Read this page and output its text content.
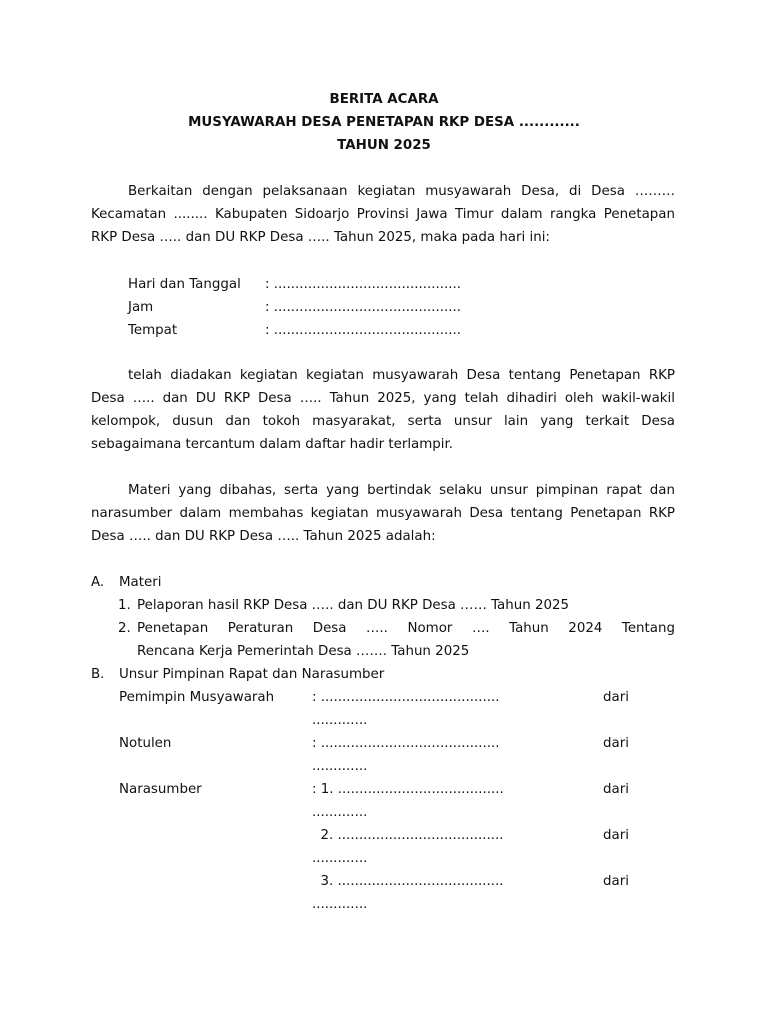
BERITA ACARA

MUSYAWARAH DESA PENETAPAN RKP DESA ............

TAHUN 2025

Berkaitan dengan pelaksanaan kegiatan musyawarah Desa, di Desa ……… Kecamatan ........ Kabupaten Sidoarjo Provinsi Jawa Timur dalam rangka Penetapan RKP Desa ….. dan DU RKP Desa ….. Tahun 2025, maka pada hari ini:

Hari dan Tanggal : ............................................
Jam	: ............................................
Tempat	: ............................................

telah diadakan kegiatan kegiatan musyawarah Desa tentang Penetapan RKP Desa ….. dan DU RKP Desa ….. Tahun 2025, yang telah dihadiri oleh wakil-wakil kelompok, dusun dan tokoh masyarakat, serta unsur lain yang terkait Desa sebagaimana tercantum dalam daftar hadir terlampir.

Materi yang dibahas, serta yang bertindak selaku unsur pimpinan rapat dan narasumber dalam membahas kegiatan musyawarah Desa tentang Penetapan RKP Desa ….. dan DU RKP Desa ….. Tahun 2025 adalah:

A. Materi
1. Pelaporan hasil RKP Desa ….. dan DU RKP Desa …… Tahun 2025
2. Penetapan Peraturan Desa ….. Nomor …. Tahun 2024 Tentang
Rencana Kerja Pemerintah Desa ……. Tahun 2025
B. Unsur Pimpinan Rapat dan Narasumber
Pemimpin Musyawarah	: ..........................................	dari
.............
Notulen	: ..........................................	dari
.............
Narasumber	: 1. .......................................	dari
.............
2. .......................................	dari
.............
3. .......................................	dari
.............
